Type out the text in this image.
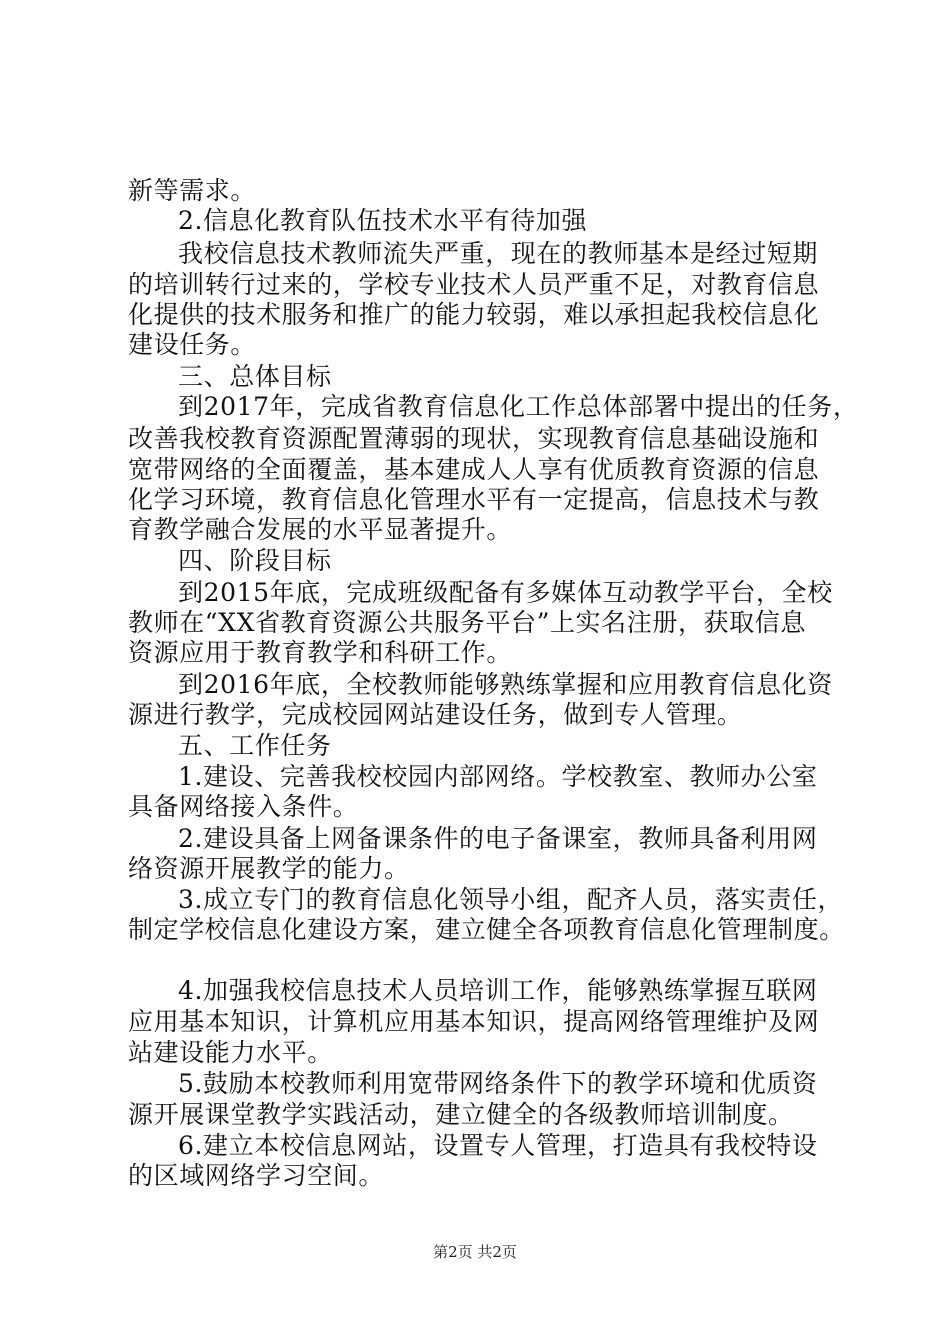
新等需求。
2.信息化教育队伍技术水平有待加强
我校信息技术教师流失严重，现在的教师基本是经过短期
的培训转行过来的，学校专业技术人员严重不足，对教育信息
化提供的技术服务和推广的能力较弱，难以承担起我校信息化
建设任务。
三、总体目标
到2017年，完成省教育信息化工作总体部署中提出的任务，
改善我校教育资源配置薄弱的现状，实现教育信息基础设施和
宽带网络的全面覆盖，基本建成人人享有优质教育资源的信息
化学习环境，教育信息化管理水平有一定提高，信息技术与教
育教学融合发展的水平显著提升。
四、阶段目标
到2015年底，完成班级配备有多媒体互动教学平台，全校
教师在“XX省教育资源公共服务平台”上实名注册，获取信息
资源应用于教育教学和科研工作。
到2016年底，全校教师能够熟练掌握和应用教育信息化资
源进行教学，完成校园网站建设任务，做到专人管理。
五、工作任务
1.建设、完善我校校园内部网络。学校教室、教师办公室
具备网络接入条件。
2.建设具备上网备课条件的电子备课室，教师具备利用网
络资源开展教学的能力。
3.成立专门的教育信息化领导小组，配齐人员，落实责任，
制定学校信息化建设方案，建立健全各项教育信息化管理制度。
4.加强我校信息技术人员培训工作，能够熟练掌握互联网
应用基本知识，计算机应用基本知识，提高网络管理维护及网
站建设能力水平。
5.鼓励本校教师利用宽带网络条件下的教学环境和优质资
源开展课堂教学实践活动，建立健全的各级教师培训制度。
6.建立本校信息网站，设置专人管理，打造具有我校特设
的区域网络学习空间。
第2页 共2页
